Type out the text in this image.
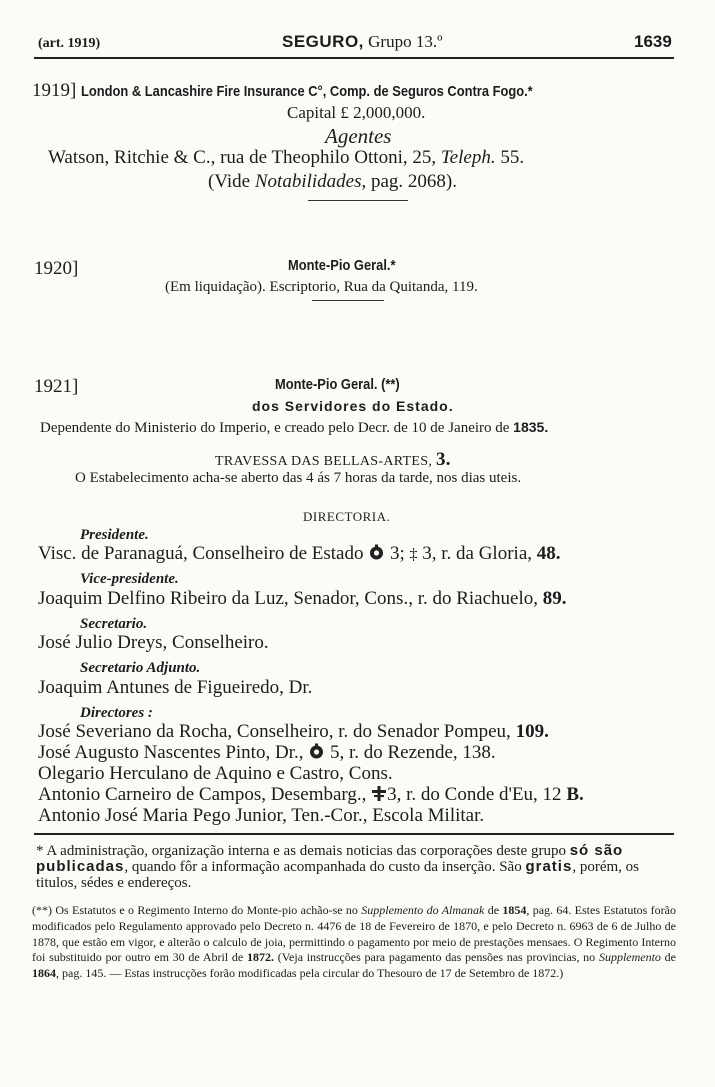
(art. 1919)	SEGURO, Grupo 13.º	1639
1919] London & Lancashire Fire Insurance C°, Comp. de Seguros Contra Fogo.*
Capital £ 2,000,000.
Agentes
Watson, Ritchie & C., rua de Theophilo Ottoni, 25, Teleph. 55.
(Vide Notabilidades, pag. 2068).
1920]	Monte-Pio Geral.*
(Em liquidação). Escriptorio, Rua da Quitanda, 119.
1921]	Monte-Pio Geral. (**)
dos Servidores do Estado.
Dependente do Ministerio do Imperio, e creado pelo Decr. de 10 de Janeiro de 1835.
TRAVESSA DAS BELLAS-ARTES, 3.
O Estabelecimento acha-se aberto das 4 ás 7 horas da tarde, nos dias uteis.
DIRECTORIA.
Presidente.
Visc. de Paranaguá, Conselheiro de Estado  3; ‡ 3, r. da Gloria, 48.
Vice-presidente.
Joaquim Delfino Ribeiro da Luz, Senador, Cons., r. do Riachuelo, 89.
Secretario.
José Julio Dreys, Conselheiro.
Secretario Adjunto.
Joaquim Antunes de Figueiredo, Dr.
Directores :
José Severiano da Rocha, Conselheiro, r. do Senador Pompeu, 109.
José Augusto Nascentes Pinto, Dr.,  5, r. do Rezende, 138.
Olegario Herculano de Aquino e Castro, Cons.
Antonio Carneiro de Campos, Desembarg., 3, r. do Conde d'Eu, 12 B.
Antonio José Maria Pego Junior, Ten.-Cor., Escola Militar.
* A administração, organização interna e as demais noticias das corporações deste grupo só são publicadas, quando fôr a informação acompanhada do custo da inserção. São gratis, porém, os titulos, sédes e endereços.
(**) Os Estatutos e o Regimento Interno do Monte-pio achão-se no Supplemento do Almanak de 1854, pag. 64. Estes Estatutos forão modificados pelo Regulamento approvado pelo Decreto n. 4476 de 18 de Fevereiro de 1870, e pelo Decreto n. 6963 de 6 de Julho de 1878, que estão em vigor, e alterão o calculo de joia, permittindo o pagamento por meio de prestações mensaes. O Regimento Interno foi substituido por outro em 30 de Abril de 1872. (Veja instrucções para pagamento das pensões nas provincias, no Supplemento de 1864, pag. 145. — Estas instrucções forão modificadas pela circular do Thesouro de 17 de Setembro de 1872.)
